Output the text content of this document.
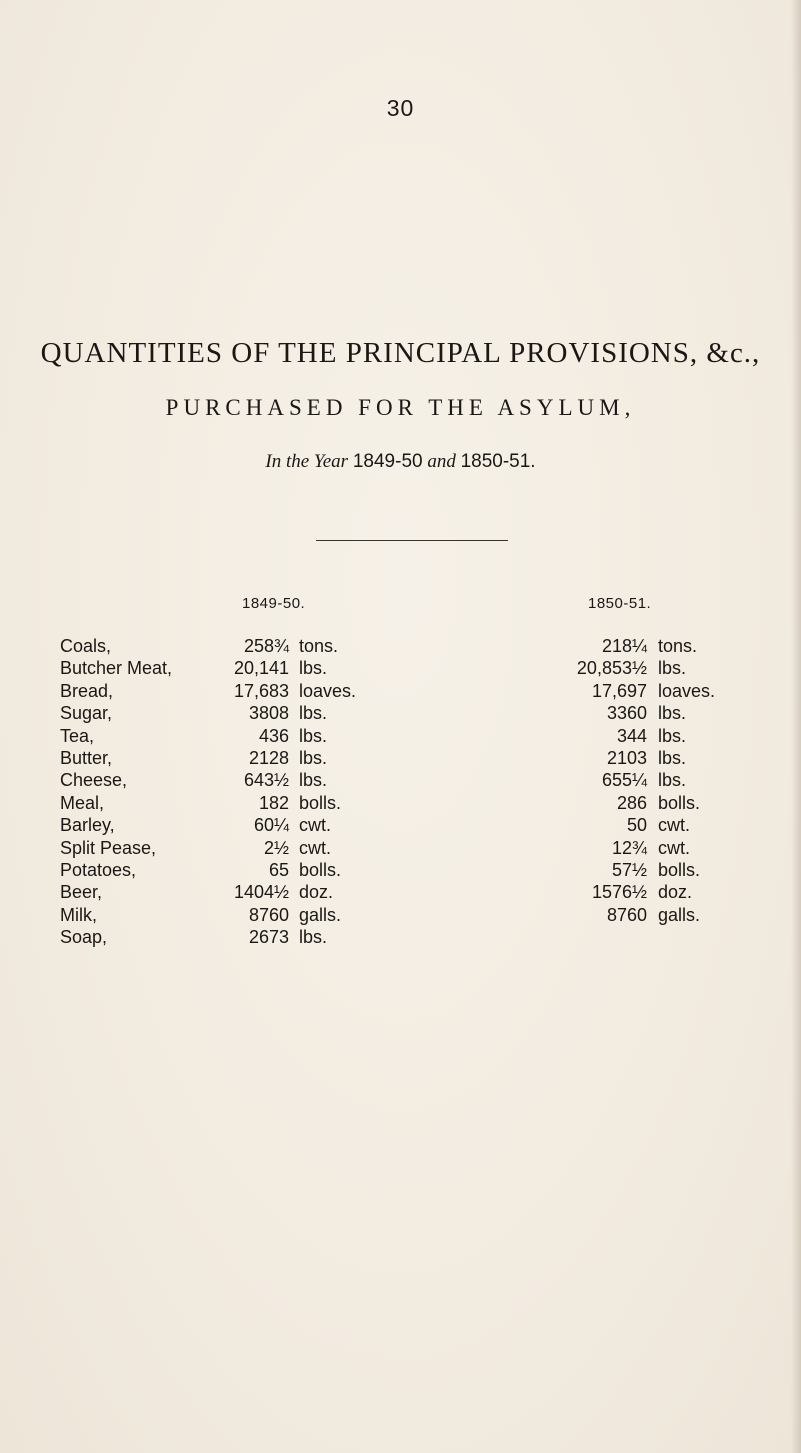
30
QUANTITIES OF THE PRINCIPAL PROVISIONS, &c.,
PURCHASED FOR THE ASYLUM,
In the Year 1849-50 and 1850-51.
1849-50.	1850-51.
Coals,	258¾ tons.	218¼ tons.
Butcher Meat,	20,141 lbs.	20,853½ lbs.
Bread,	17,683 loaves.	17,697 loaves.
Sugar,	3808 lbs.	3360 lbs.
Tea,	436 lbs.	344 lbs.
Butter,	2128 lbs.	2103 lbs.
Cheese,	643½ lbs.	655¼ lbs.
Meal,	182 bolls.	286 bolls.
Barley,	60¼ cwt.	50 cwt.
Split Pease,	2½ cwt.	12¾ cwt.
Potatoes,	65 bolls.	57½ bolls.
Beer,	1404½ doz.	1576½ doz.
Milk,	8760 galls.	8760 galls.
Soap,	2673 lbs.
